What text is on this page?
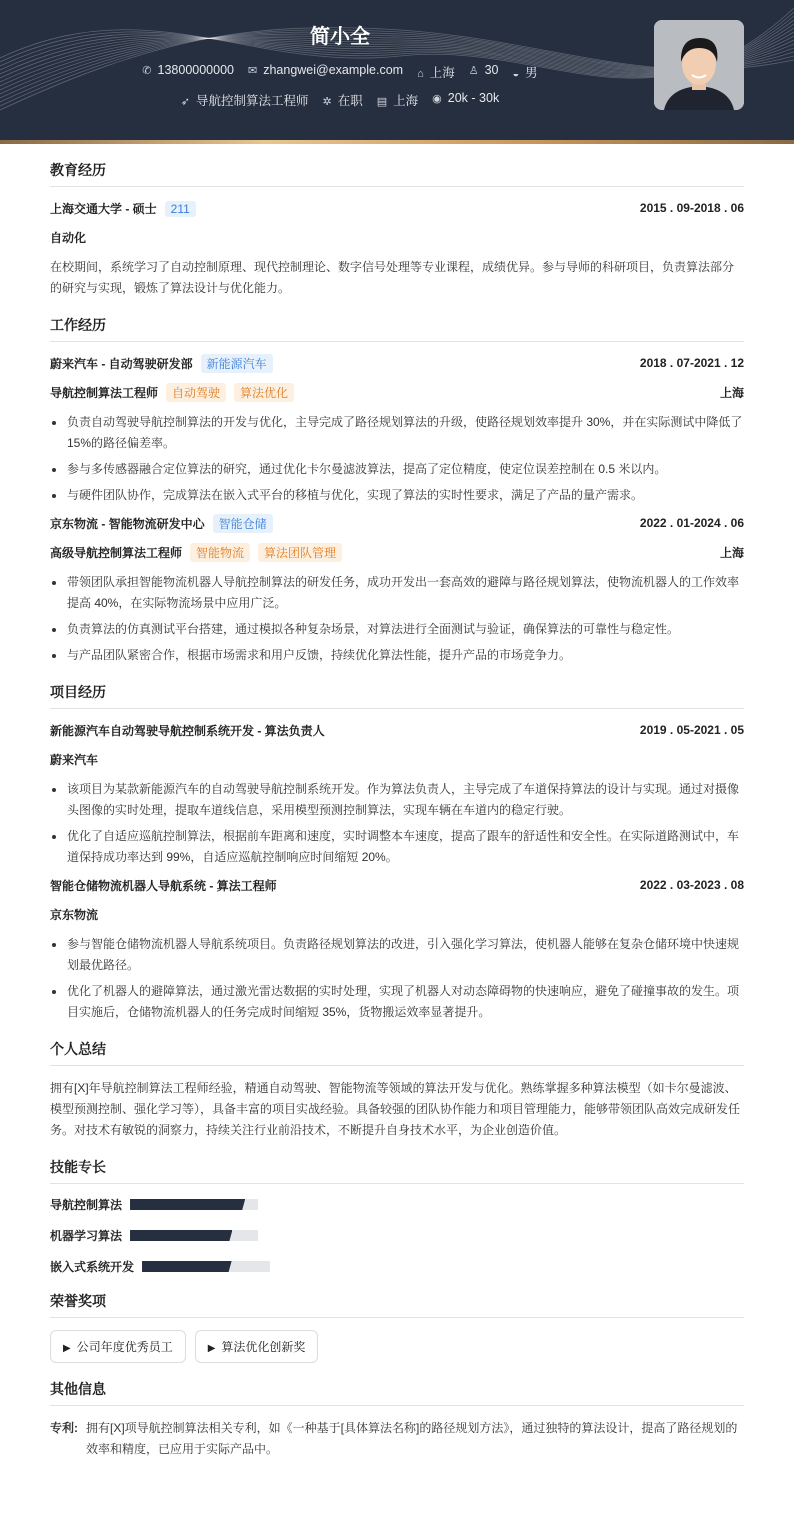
简小全
✆ 13800000000 ✉ zhangwei@example.com ⌂ 上海 ♙ 30 ◒ 男
➶ 导航控制算法工程师 ✲ 在职 ▤ 上海 ◉ 20k - 30k
教育经历
上海交通大学 - 硕士 211	2015 . 09-2018 . 06
自动化

在校期间，系统学习了自动控制原理、现代控制理论、数字信号处理等专业课程，成绩优异。参与导师的科研项目，负责算法部分的研究与实现，锻炼了算法设计与优化能力。

工作经历
蔚来汽车 - 自动驾驶研发部 新能源汽车	2018 . 07-2021 . 12
导航控制算法工程师 自动驾驶 算法优化	上海
负责自动驾驶导航控制算法的开发与优化，主导完成了路径规划算法的升级，使路径规划效率提升 30%，并在实际测试中降低了 15%的路径偏差率。
参与多传感器融合定位算法的研究，通过优化卡尔曼滤波算法，提高了定位精度，使定位误差控制在 0.5 米以内。
与硬件团队协作，完成算法在嵌入式平台的移植与优化，实现了算法的实时性要求，满足了产品的量产需求。
京东物流 - 智能物流研发中心 智能仓储	2022 . 01-2024 . 06
高级导航控制算法工程师 智能物流 算法团队管理	上海
带领团队承担智能物流机器人导航控制算法的研发任务，成功开发出一套高效的避障与路径规划算法，使物流机器人的工作效率提高 40%，在实际物流场景中应用广泛。
负责算法的仿真测试平台搭建，通过模拟各种复杂场景，对算法进行全面测试与验证，确保算法的可靠性与稳定性。
与产品团队紧密合作，根据市场需求和用户反馈，持续优化算法性能，提升产品的市场竞争力。
项目经历
新能源汽车自动驾驶导航控制系统开发 - 算法负责人	2019 . 05-2021 . 05
蔚来汽车
该项目为某款新能源汽车的自动驾驶导航控制系统开发。作为算法负责人，主导完成了车道保持算法的设计与实现。通过对摄像头图像的实时处理，提取车道线信息，采用模型预测控制算法，实现车辆在车道内的稳定行驶。
优化了自适应巡航控制算法，根据前车距离和速度，实时调整本车速度，提高了跟车的舒适性和安全性。在实际道路测试中，车道保持成功率达到 99%，自适应巡航控制响应时间缩短 20%。
智能仓储物流机器人导航系统 - 算法工程师	2022 . 03-2023 . 08
京东物流
参与智能仓储物流机器人导航系统项目。负责路径规划算法的改进，引入强化学习算法，使机器人能够在复杂仓储环境中快速规划最优路径。
优化了机器人的避障算法，通过激光雷达数据的实时处理，实现了机器人对动态障碍物的快速响应，避免了碰撞事故的发生。项目实施后，仓储物流机器人的任务完成时间缩短 35%，货物搬运效率显著提升。
个人总结

拥有[X]年导航控制算法工程师经验，精通自动驾驶、智能物流等领域的算法开发与优化。熟练掌握多种算法模型（如卡尔曼滤波、模型预测控制、强化学习等），具备丰富的项目实战经验。具备较强的团队协作能力和项目管理能力，能够带领团队高效完成研发任务。对技术有敏锐的洞察力，持续关注行业前沿技术，不断提升自身技术水平，为企业创造价值。

技能专长
导航控制算法
机器学习算法
嵌入式系统开发
荣誉奖项
▶ 公司年度优秀员工	▶ 算法优化创新奖
其他信息
专利: 拥有[X]项导航控制算法相关专利，如《一种基于[具体算法名称]的路径规划方法》，通过独特的算法设计，提高了路径规划的效率和精度，已应用于实际产品中。
